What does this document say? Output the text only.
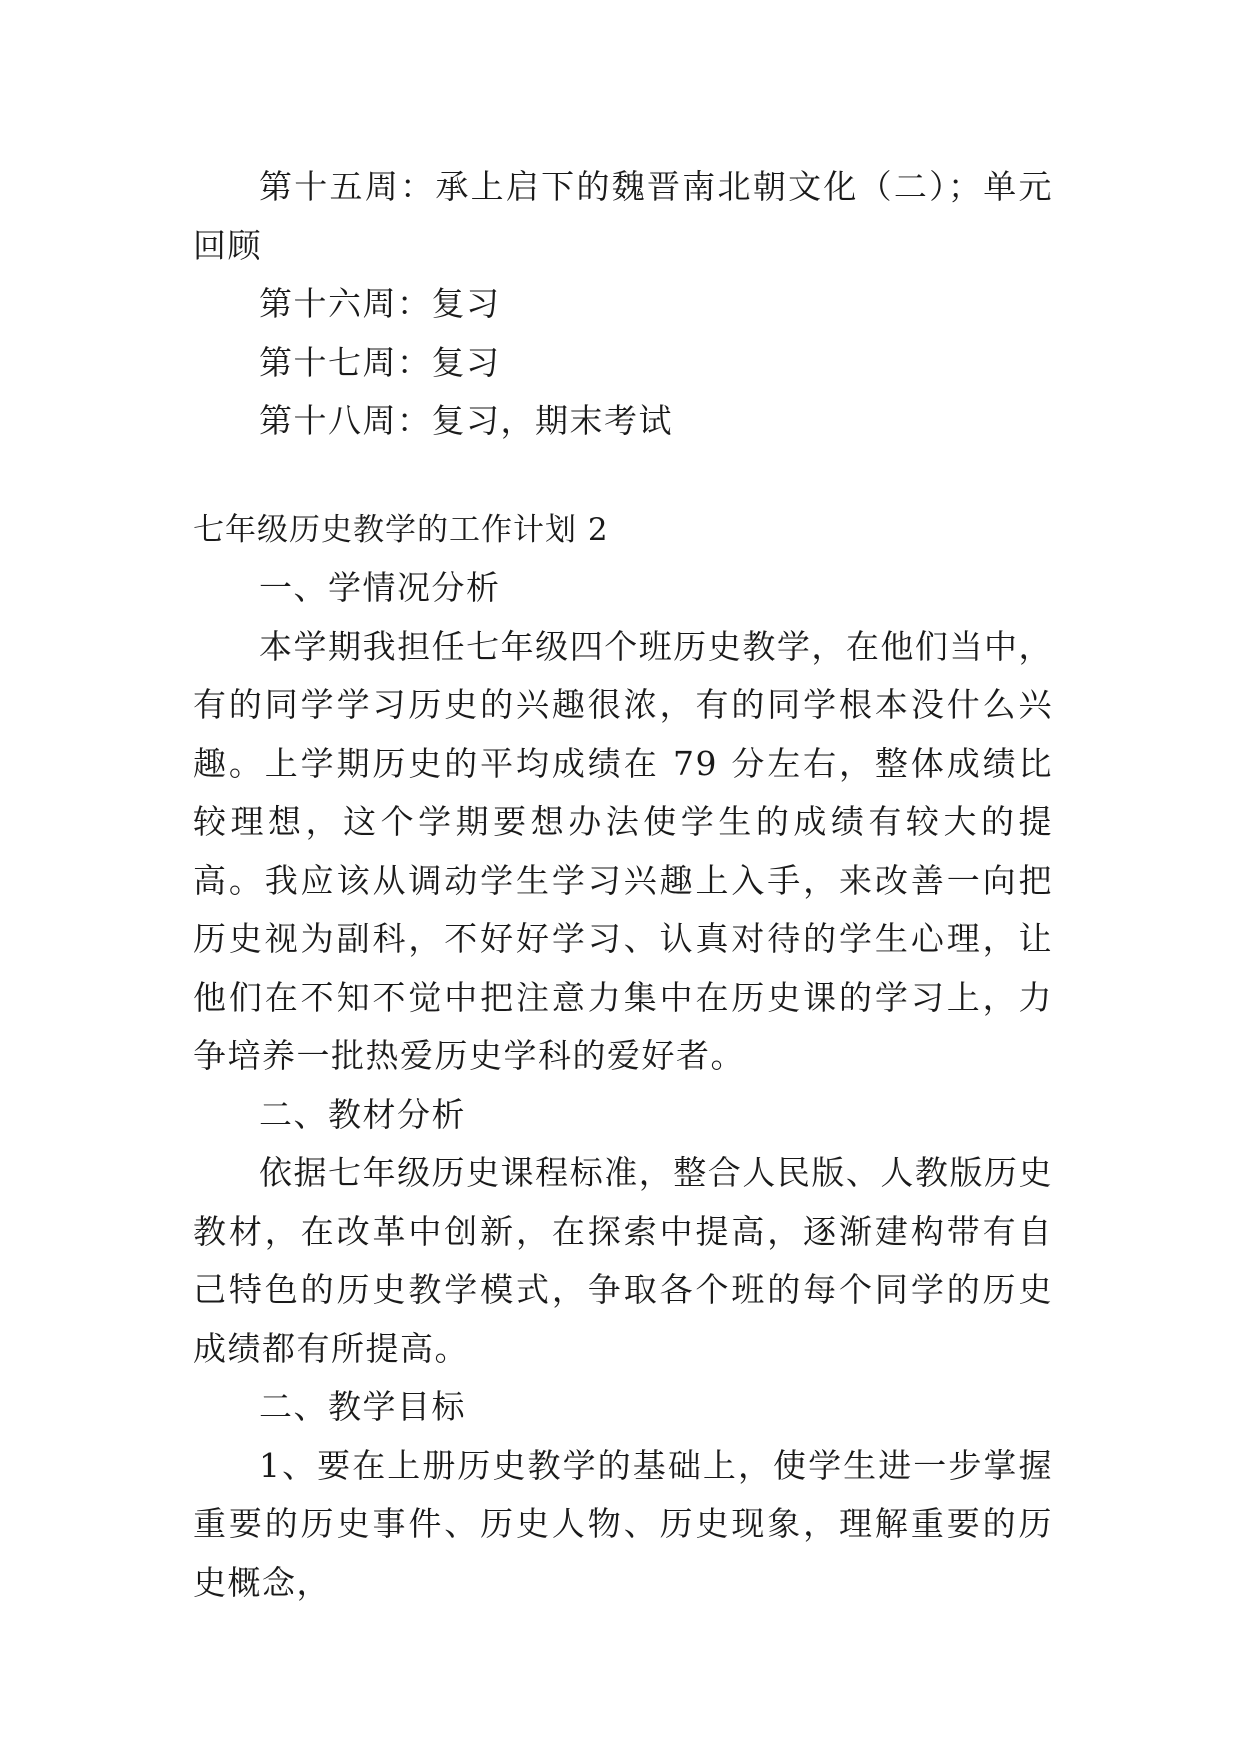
第十五周：承上启下的魏晋南北朝文化（二）；单元回顾

第十六周：复习

第十七周：复习

第十八周：复习，期末考试

七年级历史教学的工作计划 2

一、学情况分析

本学期我担任七年级四个班历史教学，在他们当中，有的同学学习历史的兴趣很浓，有的同学根本没什么兴趣。上学期历史的平均成绩在 79 分左右，整体成绩比较理想，这个学期要想办法使学生的成绩有较大的提高。我应该从调动学生学习兴趣上入手，来改善一向把历史视为副科，不好好学习、认真对待的学生心理，让他们在不知不觉中把注意力集中在历史课的学习上，力争培养一批热爱历史学科的爱好者。

二、教材分析

依据七年级历史课程标准，整合人民版、人教版历史教材，在改革中创新，在探索中提高，逐渐建构带有自己特色的历史教学模式，争取各个班的每个同学的历史成绩都有所提高。

二、教学目标

1、要在上册历史教学的基础上，使学生进一步掌握重要的历史事件、历史人物、历史现象，理解重要的历史概念，
